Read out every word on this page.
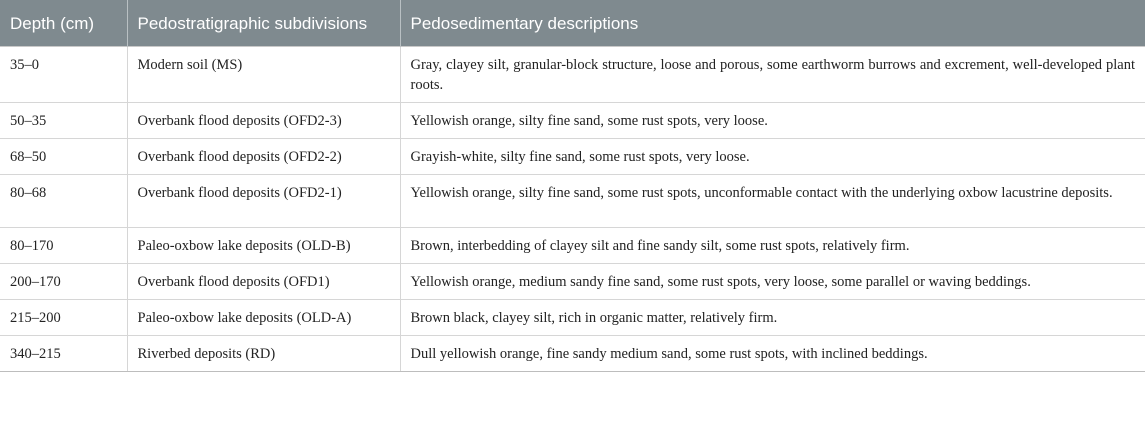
Depth (cm)	Pedostratigraphic subdivisions	Pedosedimentary descriptions
35–0	Modern soil (MS)	Gray, clayey silt, granular-block structure, loose and porous, some earthworm burrows and excrement, well-developed plant roots.
50–35	Overbank flood deposits (OFD2-3)	Yellowish orange, silty fine sand, some rust spots, very loose.
68–50	Overbank flood deposits (OFD2-2)	Grayish-white, silty fine sand, some rust spots, very loose.
80–68	Overbank flood deposits (OFD2-1)	Yellowish orange, silty fine sand, some rust spots, unconformable contact with the underlying oxbow lacustrine deposits.
80–170	Paleo-oxbow lake deposits (OLD-B)	Brown, interbedding of clayey silt and fine sandy silt, some rust spots, relatively firm.
200–170	Overbank flood deposits (OFD1)	Yellowish orange, medium sandy fine sand, some rust spots, very loose, some parallel or waving beddings.
215–200	Paleo-oxbow lake deposits (OLD-A)	Brown black, clayey silt, rich in organic matter, relatively firm.
340–215	Riverbed deposits (RD)	Dull yellowish orange, fine sandy medium sand, some rust spots, with inclined beddings.
